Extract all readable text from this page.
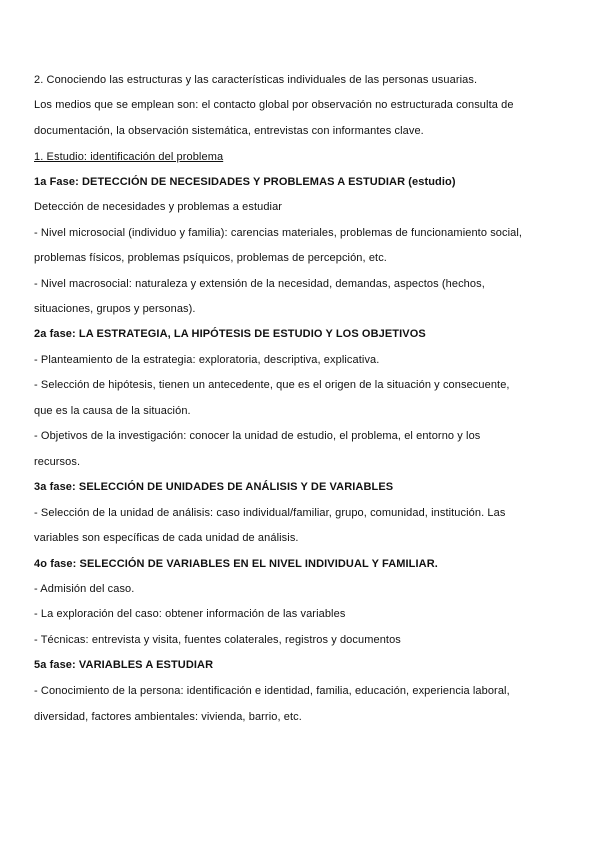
2. Conociendo las estructuras y las características individuales de las personas usuarias.
Los medios que se emplean son: el contacto global por observación no estructurada consulta de
documentación, la observación sistemática, entrevistas con informantes clave.
1. Estudio: identificación del problema
1a Fase: DETECCIÓN DE NECESIDADES Y PROBLEMAS A ESTUDIAR (estudio)
Detección de necesidades y problemas a estudiar
- Nivel microsocial (individuo y familia): carencias materiales, problemas de funcionamiento social,
problemas físicos, problemas psíquicos, problemas de percepción, etc.
- Nivel macrosocial: naturaleza y extensión de la necesidad, demandas, aspectos (hechos,
situaciones, grupos y personas).
2a fase: LA ESTRATEGIA, LA HIPÓTESIS DE ESTUDIO Y LOS OBJETIVOS
- Planteamiento de la estrategia: exploratoria, descriptiva, explicativa.
- Selección de hipótesis, tienen un antecedente, que es el origen de la situación y consecuente,
que es la causa de la situación.
- Objetivos de la investigación: conocer la unidad de estudio, el problema, el entorno y los
recursos.
3a fase: SELECCIÓN DE UNIDADES DE ANÁLISIS Y DE VARIABLES
- Selección de la unidad de análisis: caso individual/familiar, grupo, comunidad, institución. Las
variables son específicas de cada unidad de análisis.
4o fase: SELECCIÓN DE VARIABLES EN EL NIVEL INDIVIDUAL Y FAMILIAR.
- Admisión del caso.
- La exploración del caso: obtener información de las variables
- Técnicas: entrevista y visita, fuentes colaterales, registros y documentos
5a fase: VARIABLES A ESTUDIAR
- Conocimiento de la persona: identificación e identidad, familia, educación, experiencia laboral,
diversidad, factores ambientales: vivienda, barrio, etc.
